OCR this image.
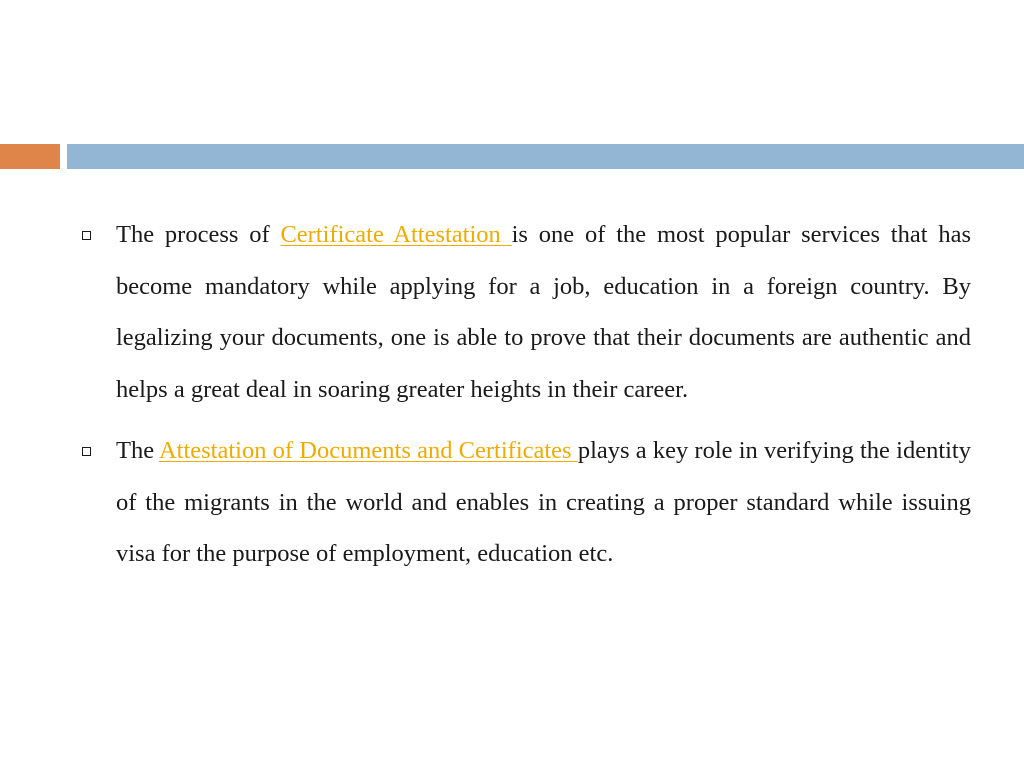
The process of Certificate Attestation is one of the most popular services that has become mandatory while applying for a job, education in a foreign country. By legalizing your documents, one is able to prove that their documents are authentic and helps a great deal in soaring greater heights in their career.
The Attestation of Documents and Certificates plays a key role in verifying the identity of the migrants in the world and enables in creating a proper standard while issuing visa for the purpose of employment, education etc.
